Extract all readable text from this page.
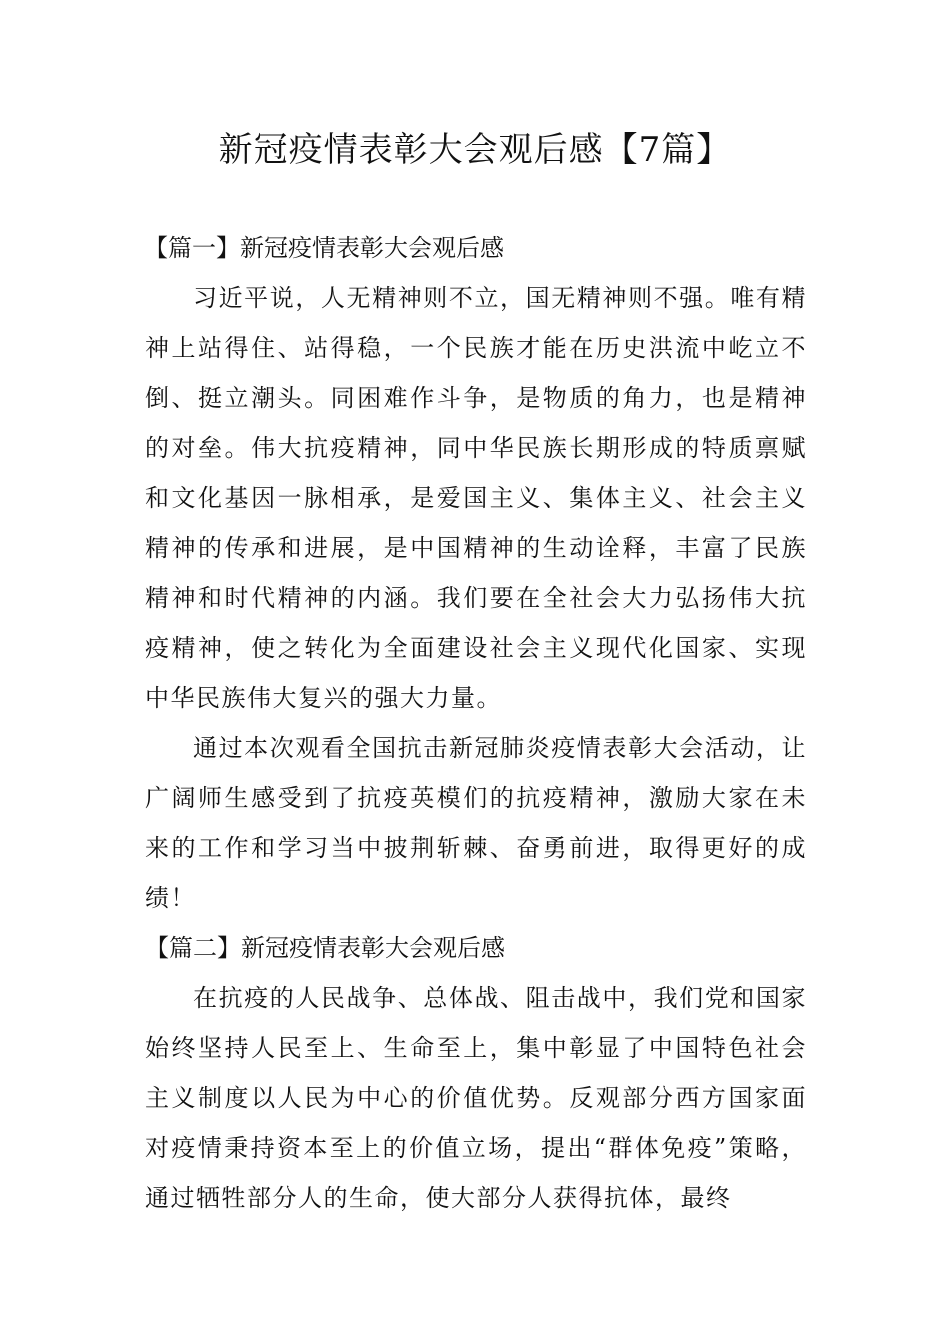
新冠疫情表彰大会观后感【7篇】
【篇一】新冠疫情表彰大会观后感

习近平说，人无精神则不立，国无精神则不强。唯有精神上站得住、站得稳，一个民族才能在历史洪流中屹立不倒、挺立潮头。同困难作斗争，是物质的角力，也是精神的对垒。伟大抗疫精神，同中华民族长期形成的特质禀赋和文化基因一脉相承，是爱国主义、集体主义、社会主义精神的传承和进展，是中国精神的生动诠释，丰富了民族精神和时代精神的内涵。我们要在全社会大力弘扬伟大抗疫精神，使之转化为全面建设社会主义现代化国家、实现中华民族伟大复兴的强大力量。

通过本次观看全国抗击新冠肺炎疫情表彰大会活动，让广阔师生感受到了抗疫英模们的抗疫精神，激励大家在未来的工作和学习当中披荆斩棘、奋勇前进，取得更好的成绩！

【篇二】新冠疫情表彰大会观后感

在抗疫的人民战争、总体战、阻击战中，我们党和国家始终坚持人民至上、生命至上，集中彰显了中国特色社会主义制度以人民为中心的价值优势。反观部分西方国家面对疫情秉持资本至上的价值立场，提出“群体免疫”策略，通过牺牲部分人的生命，使大部分人获得抗体，最终
